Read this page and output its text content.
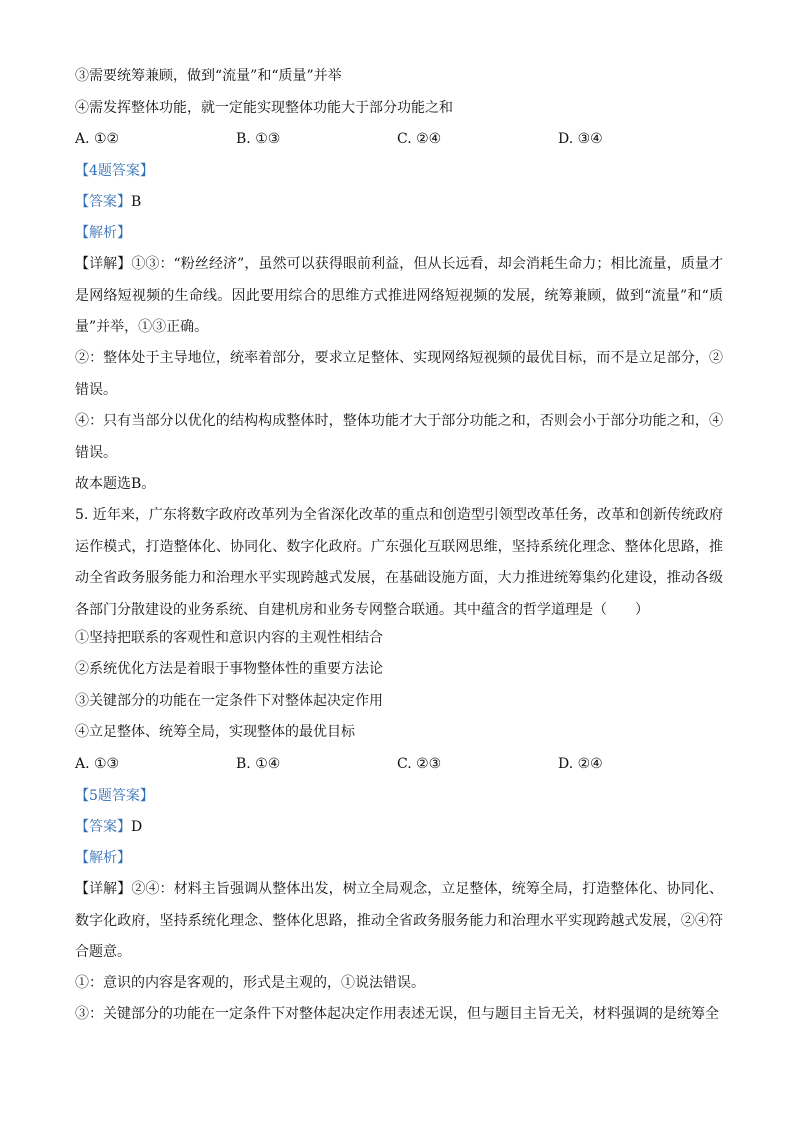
③需要统筹兼顾，做到“流量”和“质量”并举
④需发挥整体功能，就一定能实现整体功能大于部分功能之和
A. ①②	B. ①③	C. ②④	D. ③④
【4题答案】
【答案】B
【解析】
【详解】①③：“粉丝经济”，虽然可以获得眼前利益，但从长远看，却会消耗生命力；相比流量，质量才是网络短视频的生命线。因此要用综合的思维方式推进网络短视频的发展，统筹兼顾，做到“流量”和“质量”并举，①③正确。
②：整体处于主导地位，统率着部分，要求立足整体、实现网络短视频的最优目标，而不是立足部分，②错误。
④：只有当部分以优化的结构构成整体时，整体功能才大于部分功能之和，否则会小于部分功能之和，④错误。
故本题选B。
5. 近年来，广东将数字政府改革列为全省深化改革的重点和创造型引领型改革任务，改革和创新传统政府运作模式，打造整体化、协同化、数字化政府。广东强化互联网思维，坚持系统化理念、整体化思路，推动全省政务服务能力和治理水平实现跨越式发展，在基础设施方面，大力推进统筹集约化建设，推动各级各部门分散建设的业务系统、自建机房和业务专网整合联通。其中蕴含的哲学道理是（　　）
①坚持把联系的客观性和意识内容的主观性相结合
②系统优化方法是着眼于事物整体性的重要方法论
③关键部分的功能在一定条件下对整体起决定作用
④立足整体、统筹全局，实现整体的最优目标
A. ①③	B. ①④	C. ②③	D. ②④
【5题答案】
【答案】D
【解析】
【详解】②④：材料主旨强调从整体出发，树立全局观念，立足整体，统筹全局，打造整体化、协同化、数字化政府，坚持系统化理念、整体化思路，推动全省政务服务能力和治理水平实现跨越式发展，②④符合题意。
①：意识的内容是客观的，形式是主观的，①说法错误。
③：关键部分的功能在一定条件下对整体起决定作用表述无误，但与题目主旨无关，材料强调的是统筹全
